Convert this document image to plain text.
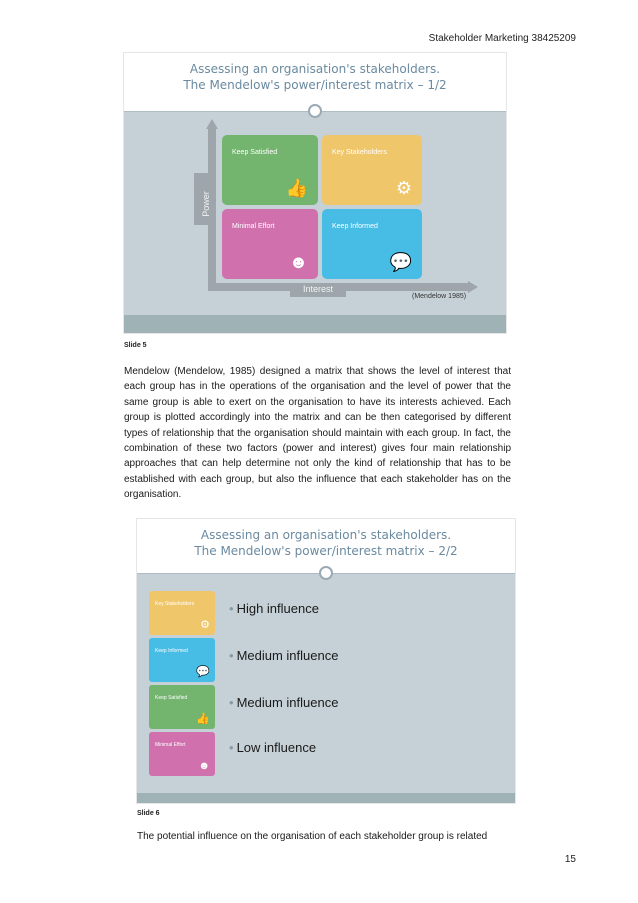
Stakeholder Marketing 38425209
Assessing an organisation's stakeholders.
The Mendelow's power/interest matrix – 1/2
Power
Interest
Keep Satisfied
👍
Key Stakeholders
⚙
Minimal Effort
☻
Keep Informed
💬
(Mendelow 1985)
Slide 5
Mendelow (Mendelow, 1985) designed a matrix that shows the level of interest that each group has in the operations of the organisation and the level of power that the same group is able to exert on the organisation to have its interests achieved. Each group is plotted accordingly into the matrix and can be then categorised by different types of relationship that the organisation should maintain with each group. In fact, the combination of these two factors (power and interest) gives four main relationship approaches that can help determine not only the kind of relationship that has to be established with each group, but also the influence that each stakeholder has on the organisation.
Assessing an organisation's stakeholders.
The Mendelow's power/interest matrix – 2/2
Key Stakeholders
⚙
Keep Informed
💬
Keep Satisfied
👍
Minimal Effort
☻
• High influence
• Medium influence
• Medium influence
• Low influence
Slide 6
The potential influence on the organisation of each stakeholder group is related
15
